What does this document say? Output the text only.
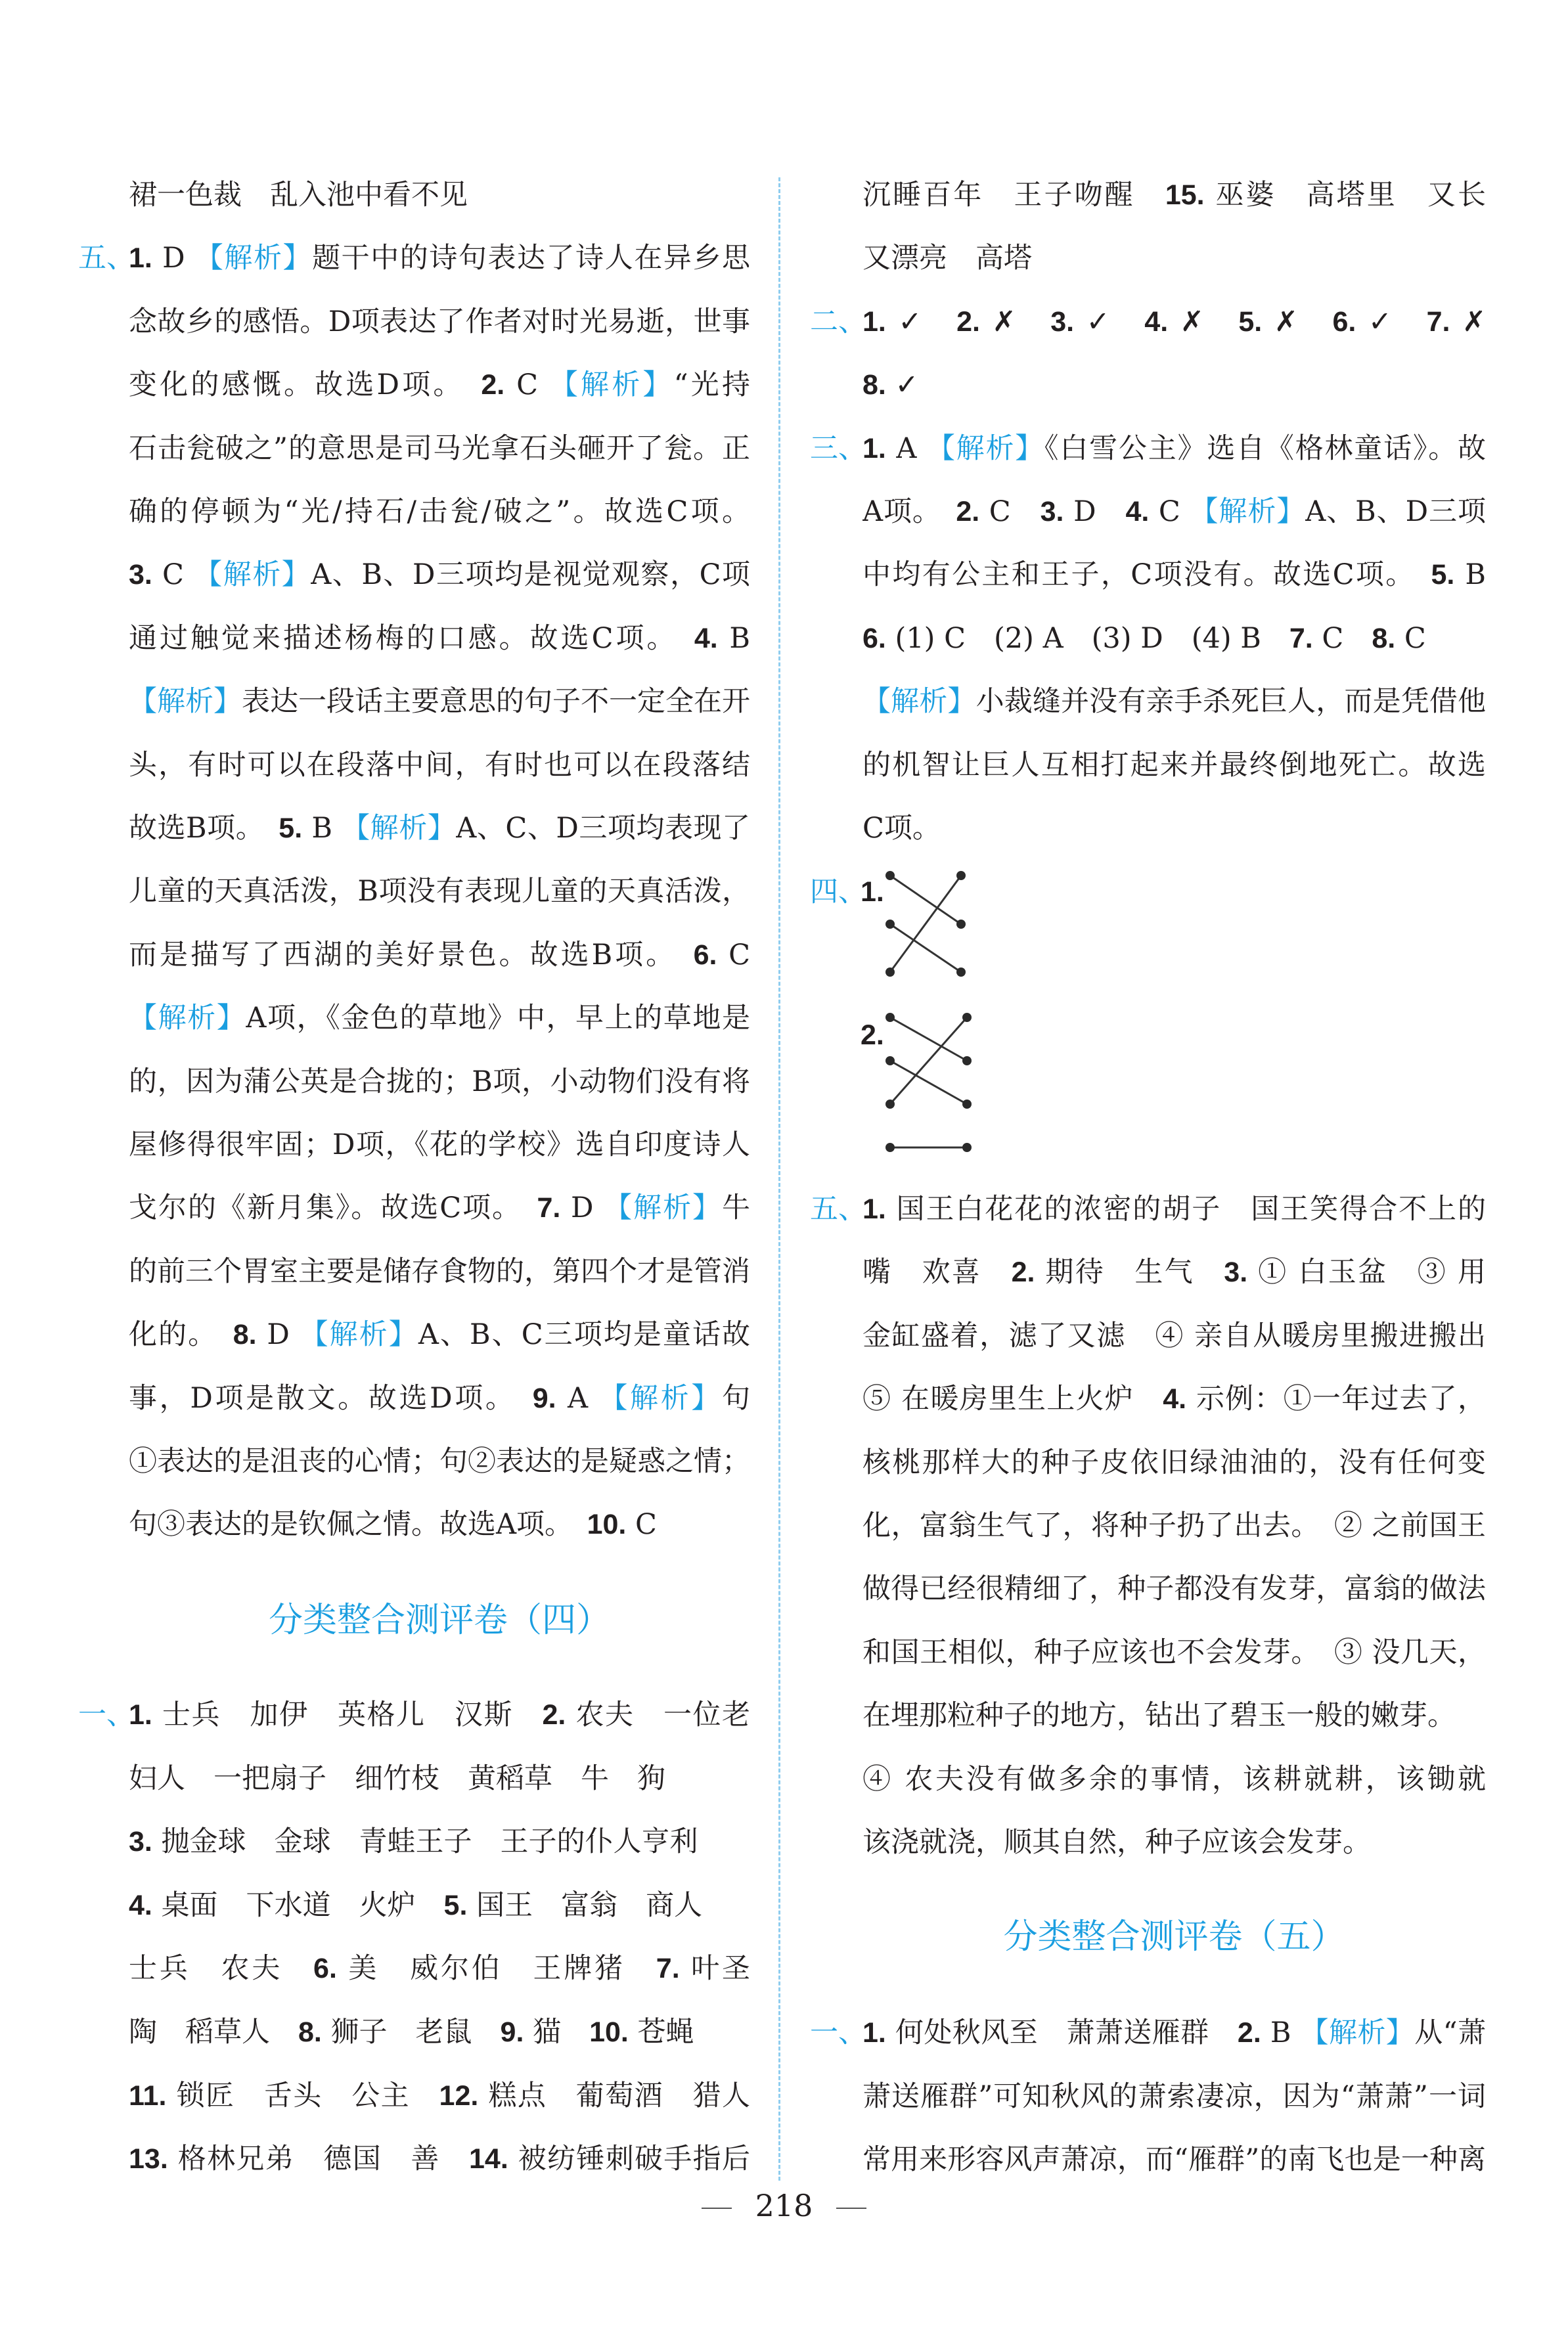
裙一色裁　乱入池中看不见
五、
1. D 【解析】题干中的诗句表达了诗人在异乡思
念故乡的感悟。D项表达了作者对时光易逝，世事
变化的感慨。故选D项。　2. C 【解析】“光持
石击瓮破之”的意思是司马光拿石头砸开了瓮。正
确的停顿为“光/持石/击瓮/破之”。故选C项。
3. C 【解析】A、B、D三项均是视觉观察，C项
通过触觉来描述杨梅的口感。故选C项。　4. B
【解析】表达一段话主要意思的句子不一定全在开
头，有时可以在段落中间，有时也可以在段落结
故选B项。　5. B 【解析】A、C、D三项均表现了
儿童的天真活泼，B项没有表现儿童的天真活泼，
而是描写了西湖的美好景色。故选B项。　6. C
【解析】A项，《金色的草地》中，早上的草地是
的，因为蒲公英是合拢的；B项，小动物们没有将
屋修得很牢固；D项，《花的学校》选自印度诗人
戈尔的《新月集》。故选C项。　7. D 【解析】牛
的前三个胃室主要是储存食物的，第四个才是管消
化的。　8. D 【解析】A、B、C三项均是童话故
事，D项是散文。故选D项。　9. A 【解析】句
①表达的是沮丧的心情；句②表达的是疑惑之情；
句③表达的是钦佩之情。故选A项。　10. C
一、
1. 士兵　加伊　英格儿　汉斯　2. 农夫　一位老
妇人　一把扇子　细竹枝　黄稻草　牛　狗
3. 抛金球　金球　青蛙王子　王子的仆人亨利
4. 桌面　下水道　火炉　5. 国王　富翁　商人
士兵　农夫　6. 美　威尔伯　王牌猪　7. 叶圣
陶　稻草人　8. 狮子　老鼠　9. 猫　10. 苍蝇
11. 锁匠　舌头　公主　12. 糕点　葡萄酒　猎人
13. 格林兄弟　德国　善　14. 被纺锤刺破手指后
沉睡百年　王子吻醒　15. 巫婆　高塔里　又长
又漂亮　高塔
二、
1. ✓　2. ✗　3. ✓　4. ✗　5. ✗　6. ✓　7. ✗
8. ✓
三、
1. A 【解析】《白雪公主》选自《格林童话》。故
A项。　2. C　3. D　4. C 【解析】A、B、D三项
中均有公主和王子，C项没有。故选C项。　5. B
6. (1) C　(2) A　(3) D　(4) B　7. C　8. C
【解析】小裁缝并没有亲手杀死巨人，而是凭借他
的机智让巨人互相打起来并最终倒地死亡。故选
C项。
五、
1. 国王白花花的浓密的胡子　国王笑得合不上的
嘴　欢喜　2. 期待　生气　3. ① 白玉盆　③ 用
金缸盛着，滤了又滤　④ 亲自从暖房里搬进搬出
⑤ 在暖房里生上火炉　4. 示例：①一年过去了，
核桃那样大的种子皮依旧绿油油的，没有任何变
化，富翁生气了，将种子扔了出去。　② 之前国王
做得已经很精细了，种子都没有发芽，富翁的做法
和国王相似，种子应该也不会发芽。　③ 没几天，
在埋那粒种子的地方，钻出了碧玉一般的嫩芽。
④ 农夫没有做多余的事情，该耕就耕，该锄就
该浇就浇，顺其自然，种子应该会发芽。
一、
1. 何处秋风至　萧萧送雁群　2. B 【解析】从“萧
萧送雁群”可知秋风的萧索凄凉，因为“萧萧”一词
常用来形容风声萧凉，而“雁群”的南飞也是一种离
分类整合测评卷（四）
分类整合测评卷（五）
四、
1.
2.
218
